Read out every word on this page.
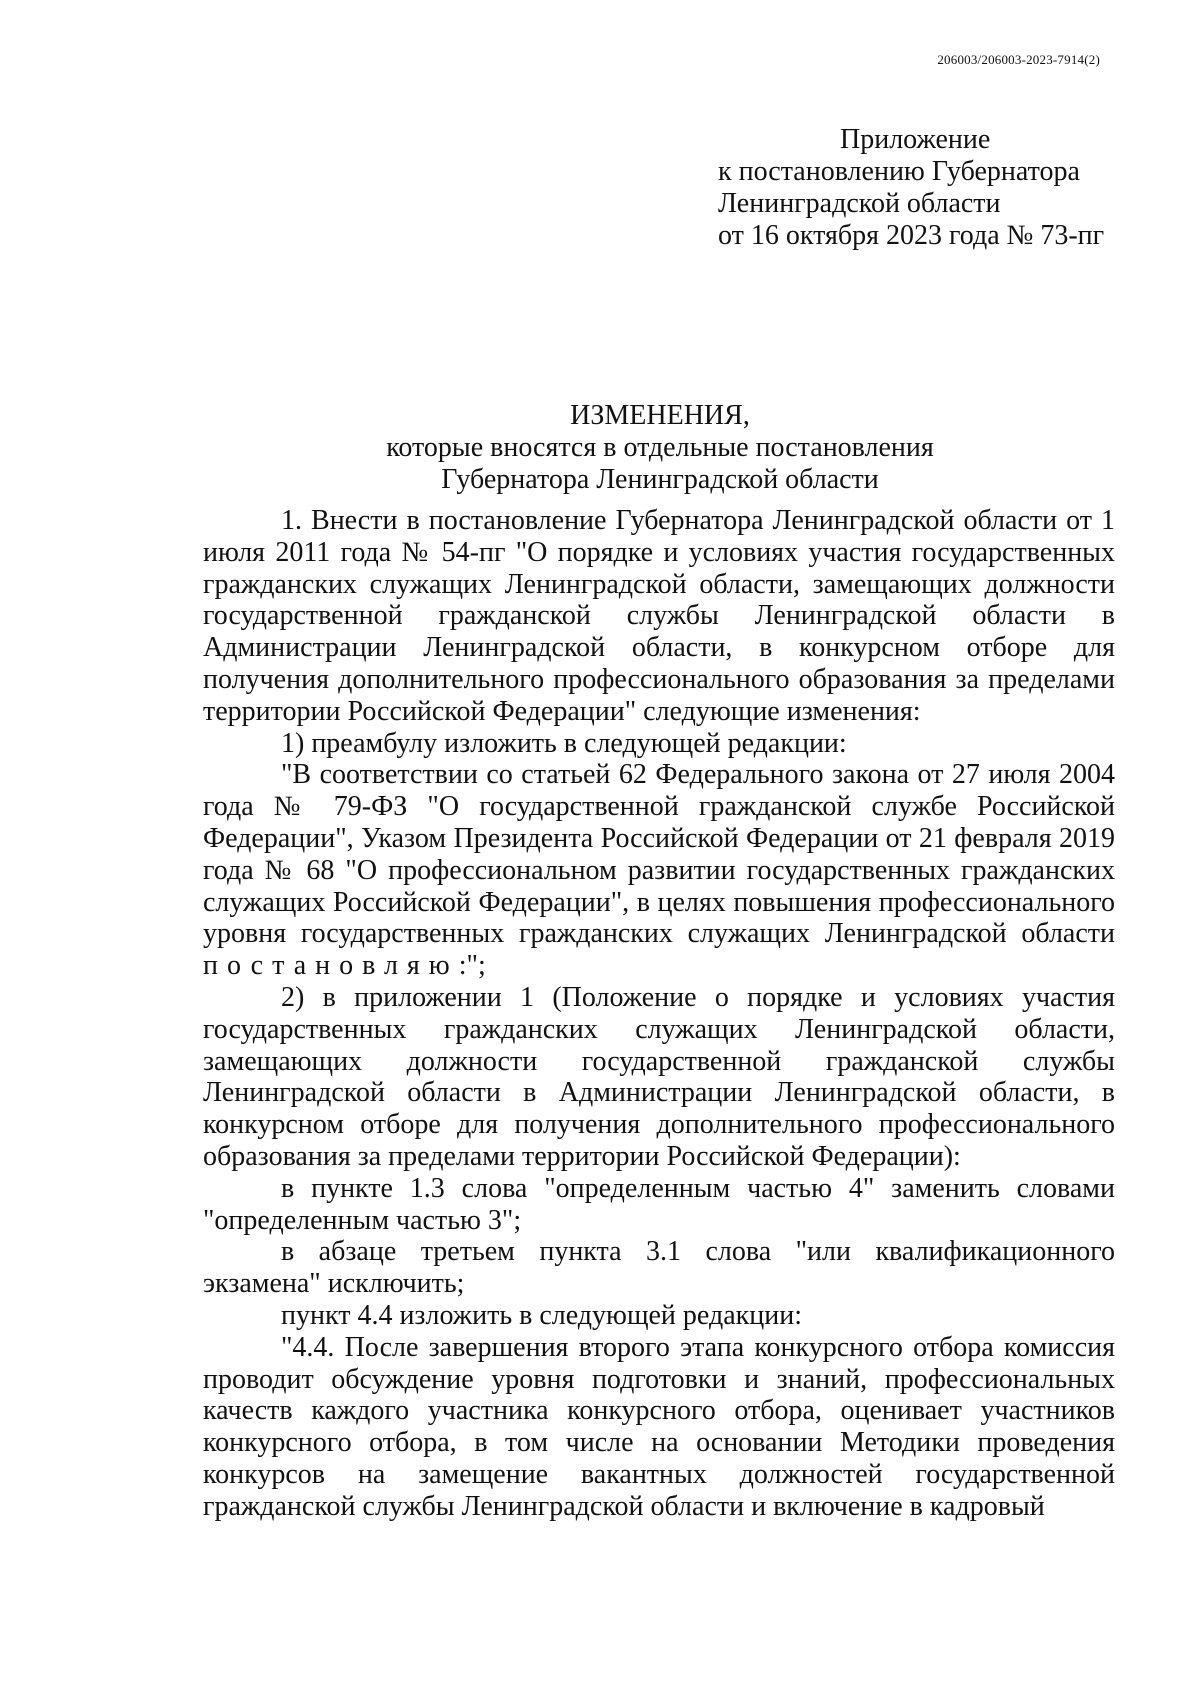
206003/206003-2023-7914(2)
Приложение
к постановлению Губернатора
Ленинградской области
от 16 октября 2023 года № 73-пг
ИЗМЕНЕНИЯ,
которые вносятся в отдельные постановления
Губернатора Ленинградской области

1. Внести в постановление Губернатора Ленинградской области от 1 июля 2011 года № 54-пг "О порядке и условиях участия государственных гражданских служащих Ленинградской области, замещающих должности государственной гражданской службы Ленинградской области в Администрации Ленинградской области, в конкурсном отборе для получения дополнительного профессионального образования за пределами территории Российской Федерации" следующие изменения:

1) преамбулу изложить в следующей редакции:

"В соответствии со статьей 62 Федерального закона от 27 июля 2004 года № 79-ФЗ "О государственной гражданской службе Российской Федерации", Указом Президента Российской Федерации от 21 февраля 2019 года № 68 "О профессиональном развитии государственных гражданских служащих Российской Федерации", в целях повышения профессионального уровня государственных гражданских служащих Ленинградской области постановляю:";

2) в приложении 1 (Положение о порядке и условиях участия государственных гражданских служащих Ленинградской области, замещающих должности государственной гражданской службы Ленинградской области в Администрации Ленинградской области, в конкурсном отборе для получения дополнительного профессионального образования за пределами территории Российской Федерации):

в пункте 1.3 слова "определенным частью 4" заменить словами "определенным частью 3";

в абзаце третьем пункта 3.1 слова "или квалификационного экзамена" исключить;

пункт 4.4 изложить в следующей редакции:

"4.4. После завершения второго этапа конкурсного отбора комиссия проводит обсуждение уровня подготовки и знаний, профессиональных качеств каждого участника конкурсного отбора, оценивает участников конкурсного отбора, в том числе на основании Методики проведения конкурсов на замещение вакантных должностей государственной гражданской службы Ленинградской области и включение в кадровый
